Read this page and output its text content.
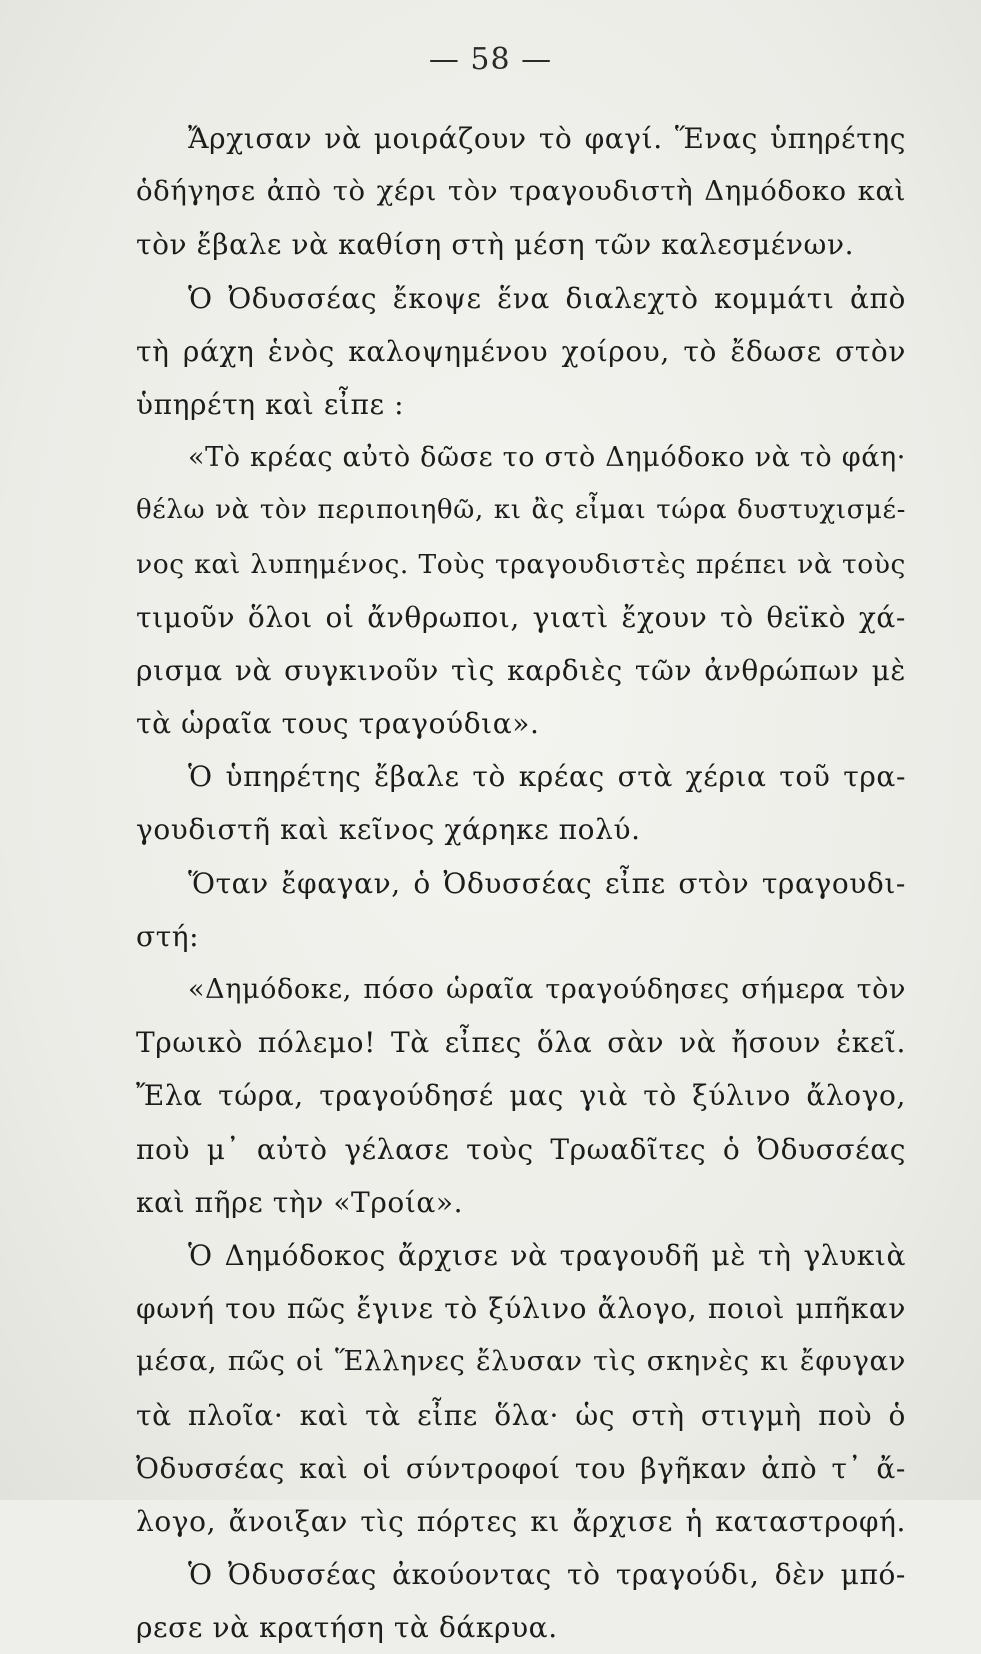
— 58 —
Ἄρχισαν νὰ μοιράζουν τὸ φαγί. Ἕνας ὑπηρέτης
ὁδήγησε ἀπὸ τὸ χέρι τὸν τραγουδιστὴ Δημόδοκο καὶ
τὸν ἔβαλε νὰ καθίση στὴ μέση τῶν καλεσμένων.
Ὁ Ὀδυσσέας ἔκοψε ἕνα διαλεχτὸ κομμάτι ἀπὸ
τὴ ράχη ἑνὸς καλοψημένου χοίρου, τὸ ἔδωσε στὸν
ὑπηρέτη καὶ εἶπε :
«Τὸ κρέας αὐτὸ δῶσε το στὸ Δημόδοκο νὰ τὸ φάη·
θέλω νὰ τὸν περιποιηθῶ, κι ἂς εἶμαι τώρα δυστυχισμέ-
νος καὶ λυπημένος. Τοὺς τραγουδιστὲς πρέπει νὰ τοὺς
τιμοῦν ὅλοι οἱ ἄνθρωποι, γιατὶ ἔχουν τὸ θεϊκὸ χά-
ρισμα νὰ συγκινοῦν τὶς καρδιὲς τῶν ἀνθρώπων μὲ
τὰ ὡραῖα τους τραγούδια».
Ὁ ὑπηρέτης ἔβαλε τὸ κρέας στὰ χέρια τοῦ τρα-
γουδιστῆ καὶ κεῖνος χάρηκε πολύ.
Ὅταν ἔφαγαν, ὁ Ὀδυσσέας εἶπε στὸν τραγουδι-
στή:
«Δημόδοκε, πόσο ὡραῖα τραγούδησες σήμερα τὸν
Τρωικὸ πόλεμο! Τὰ εἶπες ὅλα σὰν νὰ ἤσουν ἐκεῖ.
Ἔλα τώρα, τραγούδησέ μας γιὰ τὸ ξύλινο ἄλογο,
ποὺ μ᾿ αὐτὸ γέλασε τοὺς Τρωαδῖτες ὁ Ὀδυσσέας
καὶ πῆρε τὴν «Τροία».
Ὁ Δημόδοκος ἄρχισε νὰ τραγουδῆ μὲ τὴ γλυκιὰ
φωνή του πῶς ἔγινε τὸ ξύλινο ἄλογο, ποιοὶ μπῆκαν
μέσα, πῶς οἱ Ἕλληνες ἔλυσαν τὶς σκηνὲς κι ἔφυγαν
τὰ πλοῖα· καὶ τὰ εἶπε ὅλα· ὡς στὴ στιγμὴ ποὺ ὁ
Ὀδυσσέας καὶ οἱ σύντροφοί του βγῆκαν ἀπὸ τ᾿ ἄ-
λογο, ἄνοιξαν τὶς πόρτες κι ἄρχισε ἡ καταστροφή.
Ὁ Ὀδυσσέας ἀκούοντας τὸ τραγούδι, δὲν μπό-
ρεσε νὰ κρατήση τὰ δάκρυα.
